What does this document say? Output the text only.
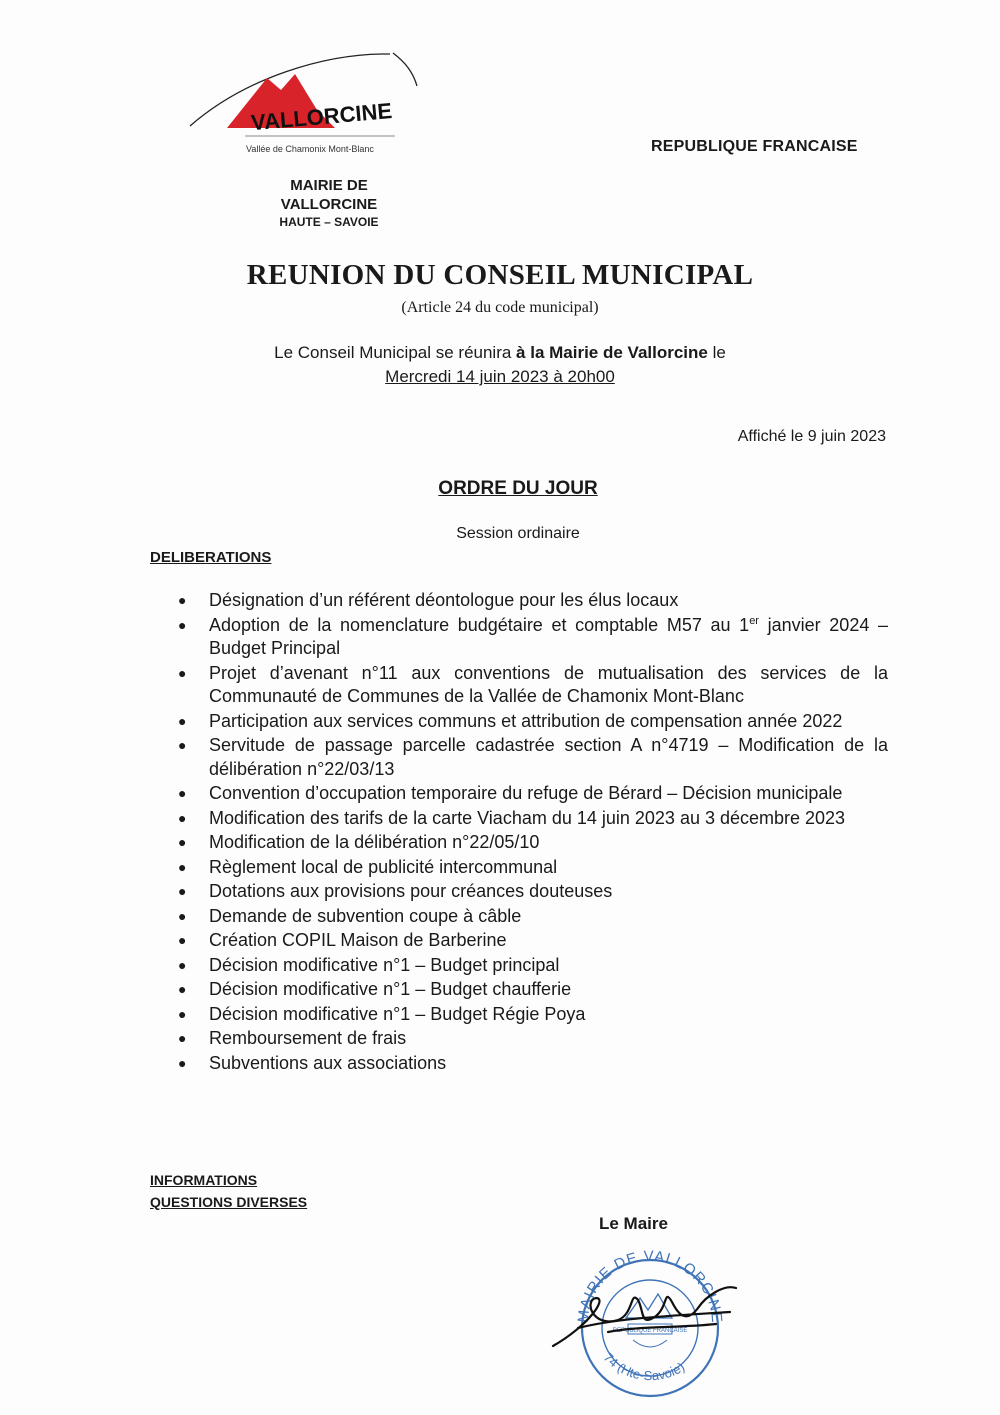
VALLORCINE
Vallée de Chamonix Mont-Blanc	REPUBLIQUE FRANCAISE
MAIRIE DE
VALLORCINE
HAUTE – SAVOIE
REUNION DU CONSEIL MUNICIPAL
(Article 24 du code municipal)
Le Conseil Municipal se réunira à la Mairie de Vallorcine le
Mercredi 14 juin 2023 à 20h00
Affiché le 9 juin 2023
ORDRE DU JOUR
Session ordinaire
DELIBERATIONS
● Désignation d’un référent déontologue pour les élus locaux
● Adoption de la nomenclature budgétaire et comptable M57 au 1er janvier 2024 – Budget Principal
● Projet d’avenant n°11 aux conventions de mutualisation des services de la Communauté de Communes de la Vallée de Chamonix Mont-Blanc
● Participation aux services communs et attribution de compensation année 2022
● Servitude de passage parcelle cadastrée section A n°4719 – Modification de la délibération n°22/03/13
● Convention d’occupation temporaire du refuge de Bérard – Décision municipale
● Modification des tarifs de la carte Viacham du 14 juin 2023 au 3 décembre 2023
● Modification de la délibération n°22/05/10
● Règlement local de publicité intercommunal
● Dotations aux provisions pour créances douteuses
● Demande de subvention coupe à câble
● Création COPIL Maison de Barberine
● Décision modificative n°1 – Budget principal
● Décision modificative n°1 – Budget chaufferie
● Décision modificative n°1 – Budget Régie Poya
● Remboursement de frais
● Subventions aux associations
INFORMATIONS
QUESTIONS DIVERSES
Le Maire
MAIRIE DE VALLORCINE
74 (Hte-Savoie)
REPUBLIQUE FRANCAISE
